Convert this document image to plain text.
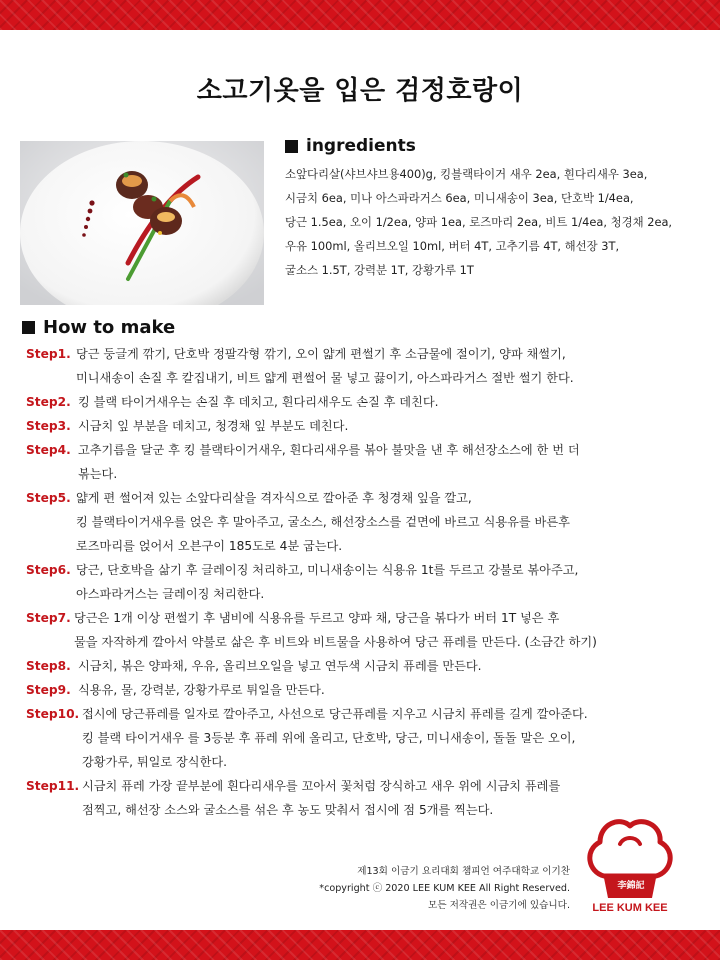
소고기옷을 입은 검정호랑이
ingredients
소앞다리살(샤브샤브용400)g, 킹블랙타이거 새우 2ea, 흰다리새우 3ea,
시금치 6ea, 미나 아스파라거스 6ea, 미니새송이 3ea, 단호박 1/4ea,
당근 1.5ea, 오이 1/2ea, 양파 1ea, 로즈마리 2ea, 비트 1/4ea, 청경채 2ea,
우유 100ml, 올리브오일 10ml, 버터 4T, 고추기름 4T, 해선장 3T,
굴소스 1.5T, 강력분 1T, 강황가루 1T
How to make
Step1. 당근 둥글게 깎기, 단호박 정팔각형 깎기, 오이 얇게 편썰기 후 소금물에 절이기, 양파 채썰기,
미니새송이 손질 후 칼집내기, 비트 얇게 편썰어 물 넣고 끓이기, 아스파라거스 절반 썰기 한다.
Step2. 킹 블랙 타이거새우는 손질 후 데치고, 흰다리새우도 손질 후 데친다.
Step3. 시금치 잎 부분을 데치고, 청경채 잎 부분도 데친다.
Step4. 고추기름을 달군 후 킹 블랙타이거새우, 흰다리새우를 볶아 불맛을 낸 후 해선장소스에 한 번 더
볶는다.
Step5. 얇게 편 썰어져 있는 소앞다리살을 격자식으로 깔아준 후 청경채 잎을 깔고,
킹 블랙타이거새우를 얹은 후 말아주고, 굴소스, 해선장소스를 겉면에 바르고 식용유를 바른후
로즈마리를 얹어서 오븐구이 185도로 4분 굽는다.
Step6. 당근, 단호박을 삶기 후 글레이징 처리하고, 미니새송이는 식용유 1t를 두르고 강불로 볶아주고,
아스파라거스는 글레이징 처리한다.
Step7. 당근은 1개 이상 편썰기 후 냄비에 식용유를 두르고 양파 채, 당근을 볶다가 버터 1T 넣은 후
물을 자작하게 깔아서 약불로 삶은 후 비트와 비트물을 사용하여 당근 퓨레를 만든다. (소금간 하기)
Step8. 시금치, 볶은 양파채, 우유, 올리브오일을 넣고 연두색 시금치 퓨레를 만든다.
Step9. 식용유, 물, 강력분, 강황가루로 튀일을 만든다.
Step10. 접시에 당근퓨레를 일자로 깔아주고, 사선으로 당근퓨레를 지우고 시금치 퓨레를 길게 깔아준다.
킹 블랙 타이거새우 를 3등분 후 퓨레 위에 올리고, 단호박, 당근, 미니새송이, 돌돌 말은 오이,
강황가루, 튀일로 장식한다.
Step11. 시금치 퓨레 가장 끝부분에 흰다리새우를 꼬아서 꽃처럼 장식하고 새우 위에 시금치 퓨레를
점찍고, 해선장 소스와 굴소스를 섞은 후 농도 맞춰서 접시에 점 5개를 찍는다.
제13회 이금기 요리대회 챔피언 여주대학교 이기찬
*copyright ⓒ 2020 LEE KUM KEE All Right Reserved.
모든 저작권은 이금기에 있습니다.
李錦記
LEE KUM KEE
